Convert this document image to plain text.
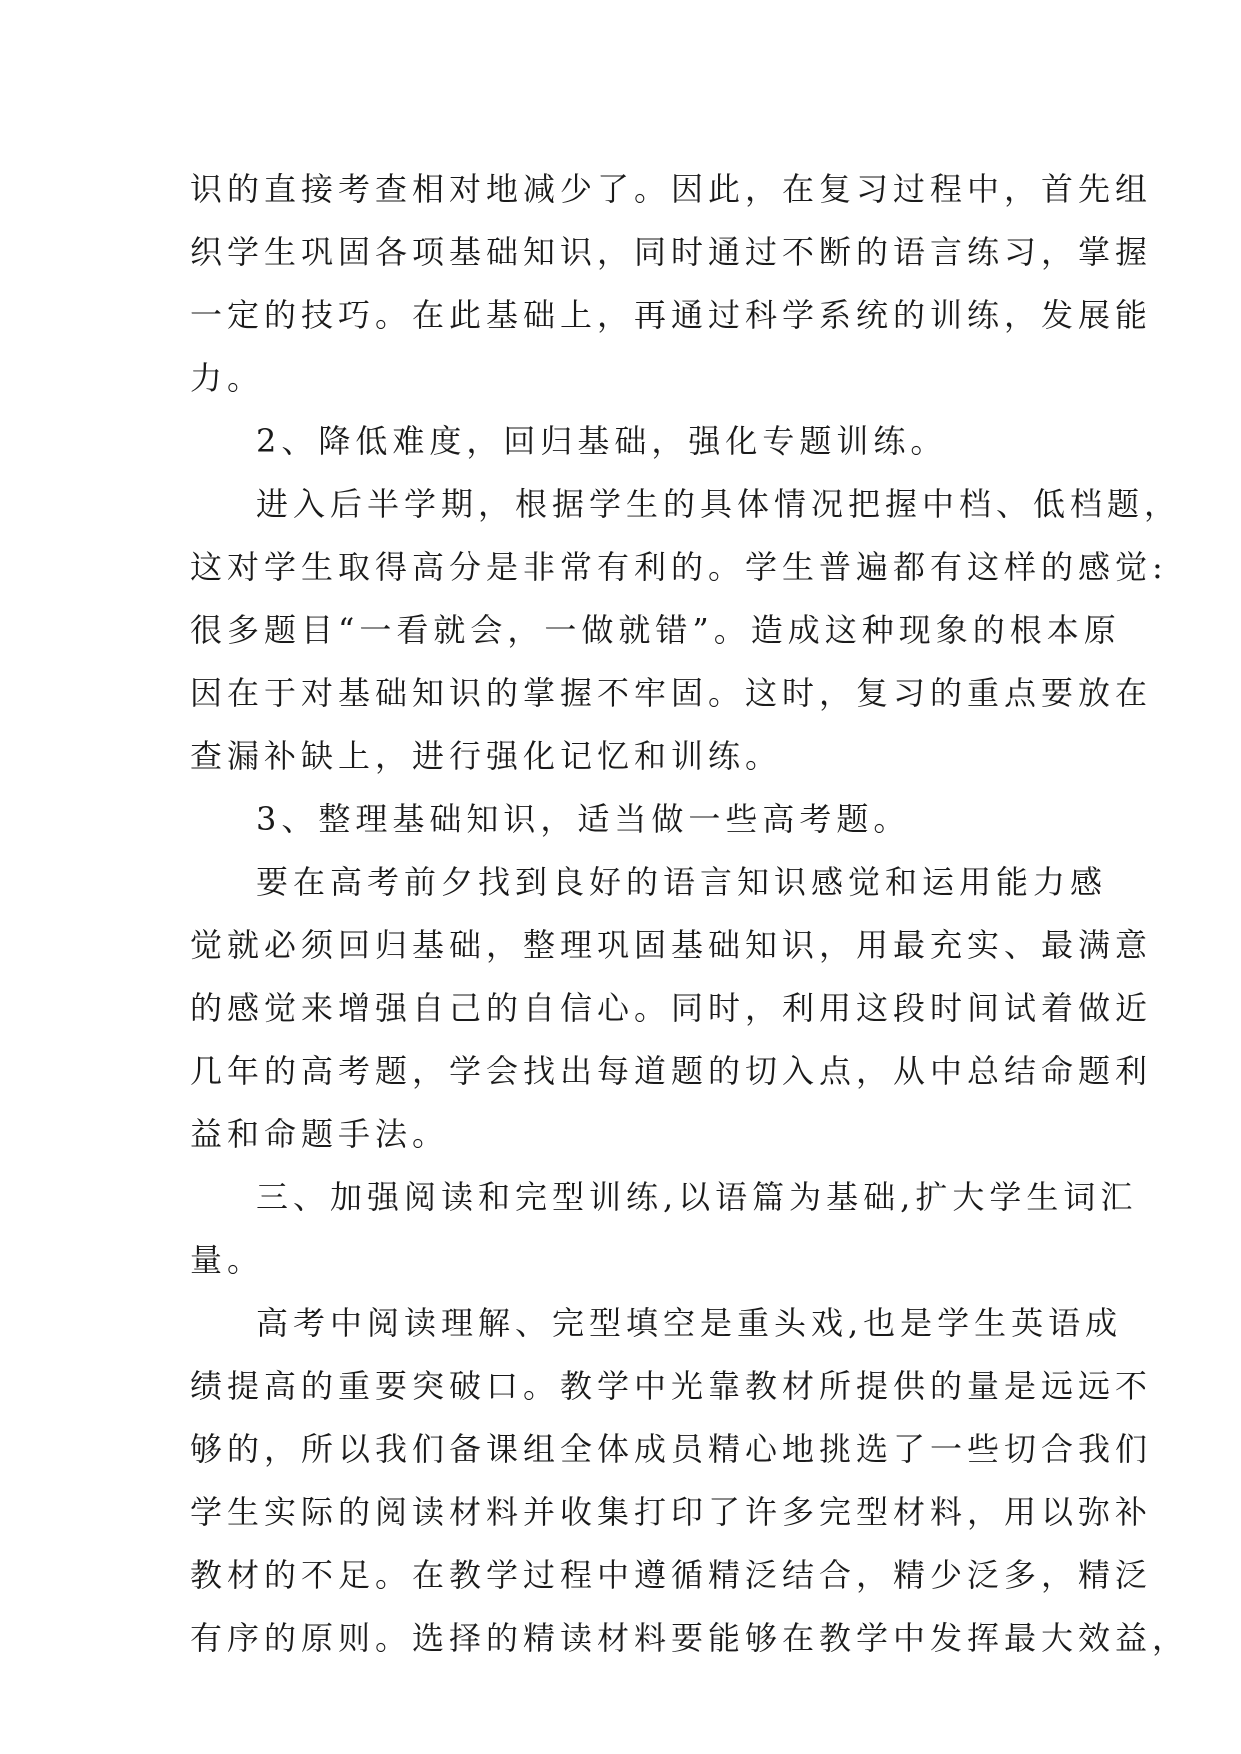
识的直接考查相对地减少了。因此，在复习过程中，首先组
织学生巩固各项基础知识，同时通过不断的语言练习，掌握
一定的技巧。在此基础上，再通过科学系统的训练，发展能
力。
2、降低难度，回归基础，强化专题训练。
进入后半学期，根据学生的具体情况把握中档、低档题，
这对学生取得高分是非常有利的。学生普遍都有这样的感觉:
很多题目“一看就会，一做就错”。造成这种现象的根本原
因在于对基础知识的掌握不牢固。这时，复习的重点要放在
查漏补缺上，进行强化记忆和训练。
3、整理基础知识，适当做一些高考题。
要在高考前夕找到良好的语言知识感觉和运用能力感
觉就必须回归基础，整理巩固基础知识，用最充实、最满意
的感觉来增强自己的自信心。同时，利用这段时间试着做近
几年的高考题，学会找出每道题的切入点，从中总结命题利
益和命题手法。
三、加强阅读和完型训练,以语篇为基础,扩大学生词汇
量。
高考中阅读理解、完型填空是重头戏,也是学生英语成
绩提高的重要突破口。教学中光靠教材所提供的量是远远不
够的，所以我们备课组全体成员精心地挑选了一些切合我们
学生实际的阅读材料并收集打印了许多完型材料，用以弥补
教材的不足。在教学过程中遵循精泛结合，精少泛多，精泛
有序的原则。选择的精读材料要能够在教学中发挥最大效益，
